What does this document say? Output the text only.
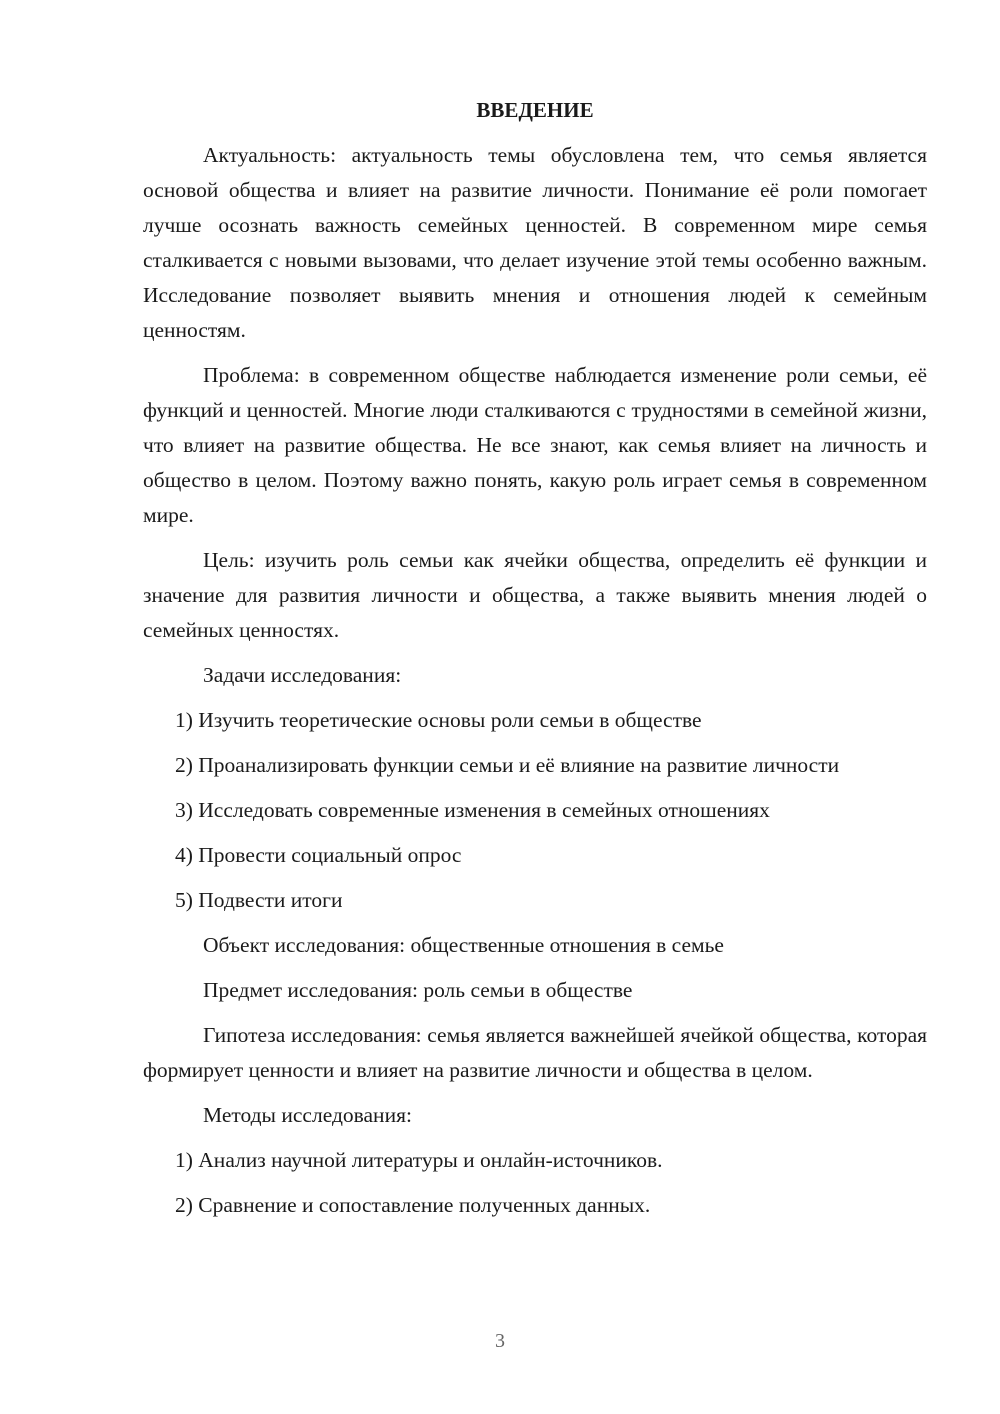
ВВЕДЕНИЕ

Актуальность: актуальность темы обусловлена тем, что семья является основой общества и влияет на развитие личности. Понимание её роли помогает лучше осознать важность семейных ценностей. В современном мире семья сталкивается с новыми вызовами, что делает изучение этой темы особенно важным. Исследование позволяет выявить мнения и отношения людей к семейным ценностям.

Проблема: в современном обществе наблюдается изменение роли семьи, её функций и ценностей. Многие люди сталкиваются с трудностями в семейной жизни, что влияет на развитие общества. Не все знают, как семья влияет на личность и общество в целом. Поэтому важно понять, какую роль играет семья в современном мире.

Цель: изучить роль семьи как ячейки общества, определить её функции и значение для развития личности и общества, а также выявить мнения людей о семейных ценностях.

Задачи исследования:

1) Изучить теоретические основы роли семьи в обществе

2) Проанализировать функции семьи и её влияние на развитие личности

3) Исследовать современные изменения в семейных отношениях

4) Провести социальный опрос

5) Подвести итоги

Объект исследования: общественные отношения в семье

Предмет исследования: роль семьи в обществе

Гипотеза исследования: семья является важнейшей ячейкой общества, которая формирует ценности и влияет на развитие личности и общества в целом.

Методы исследования:

1) Анализ научной литературы и онлайн-источников.

2) Сравнение и сопоставление полученных данных.

3
